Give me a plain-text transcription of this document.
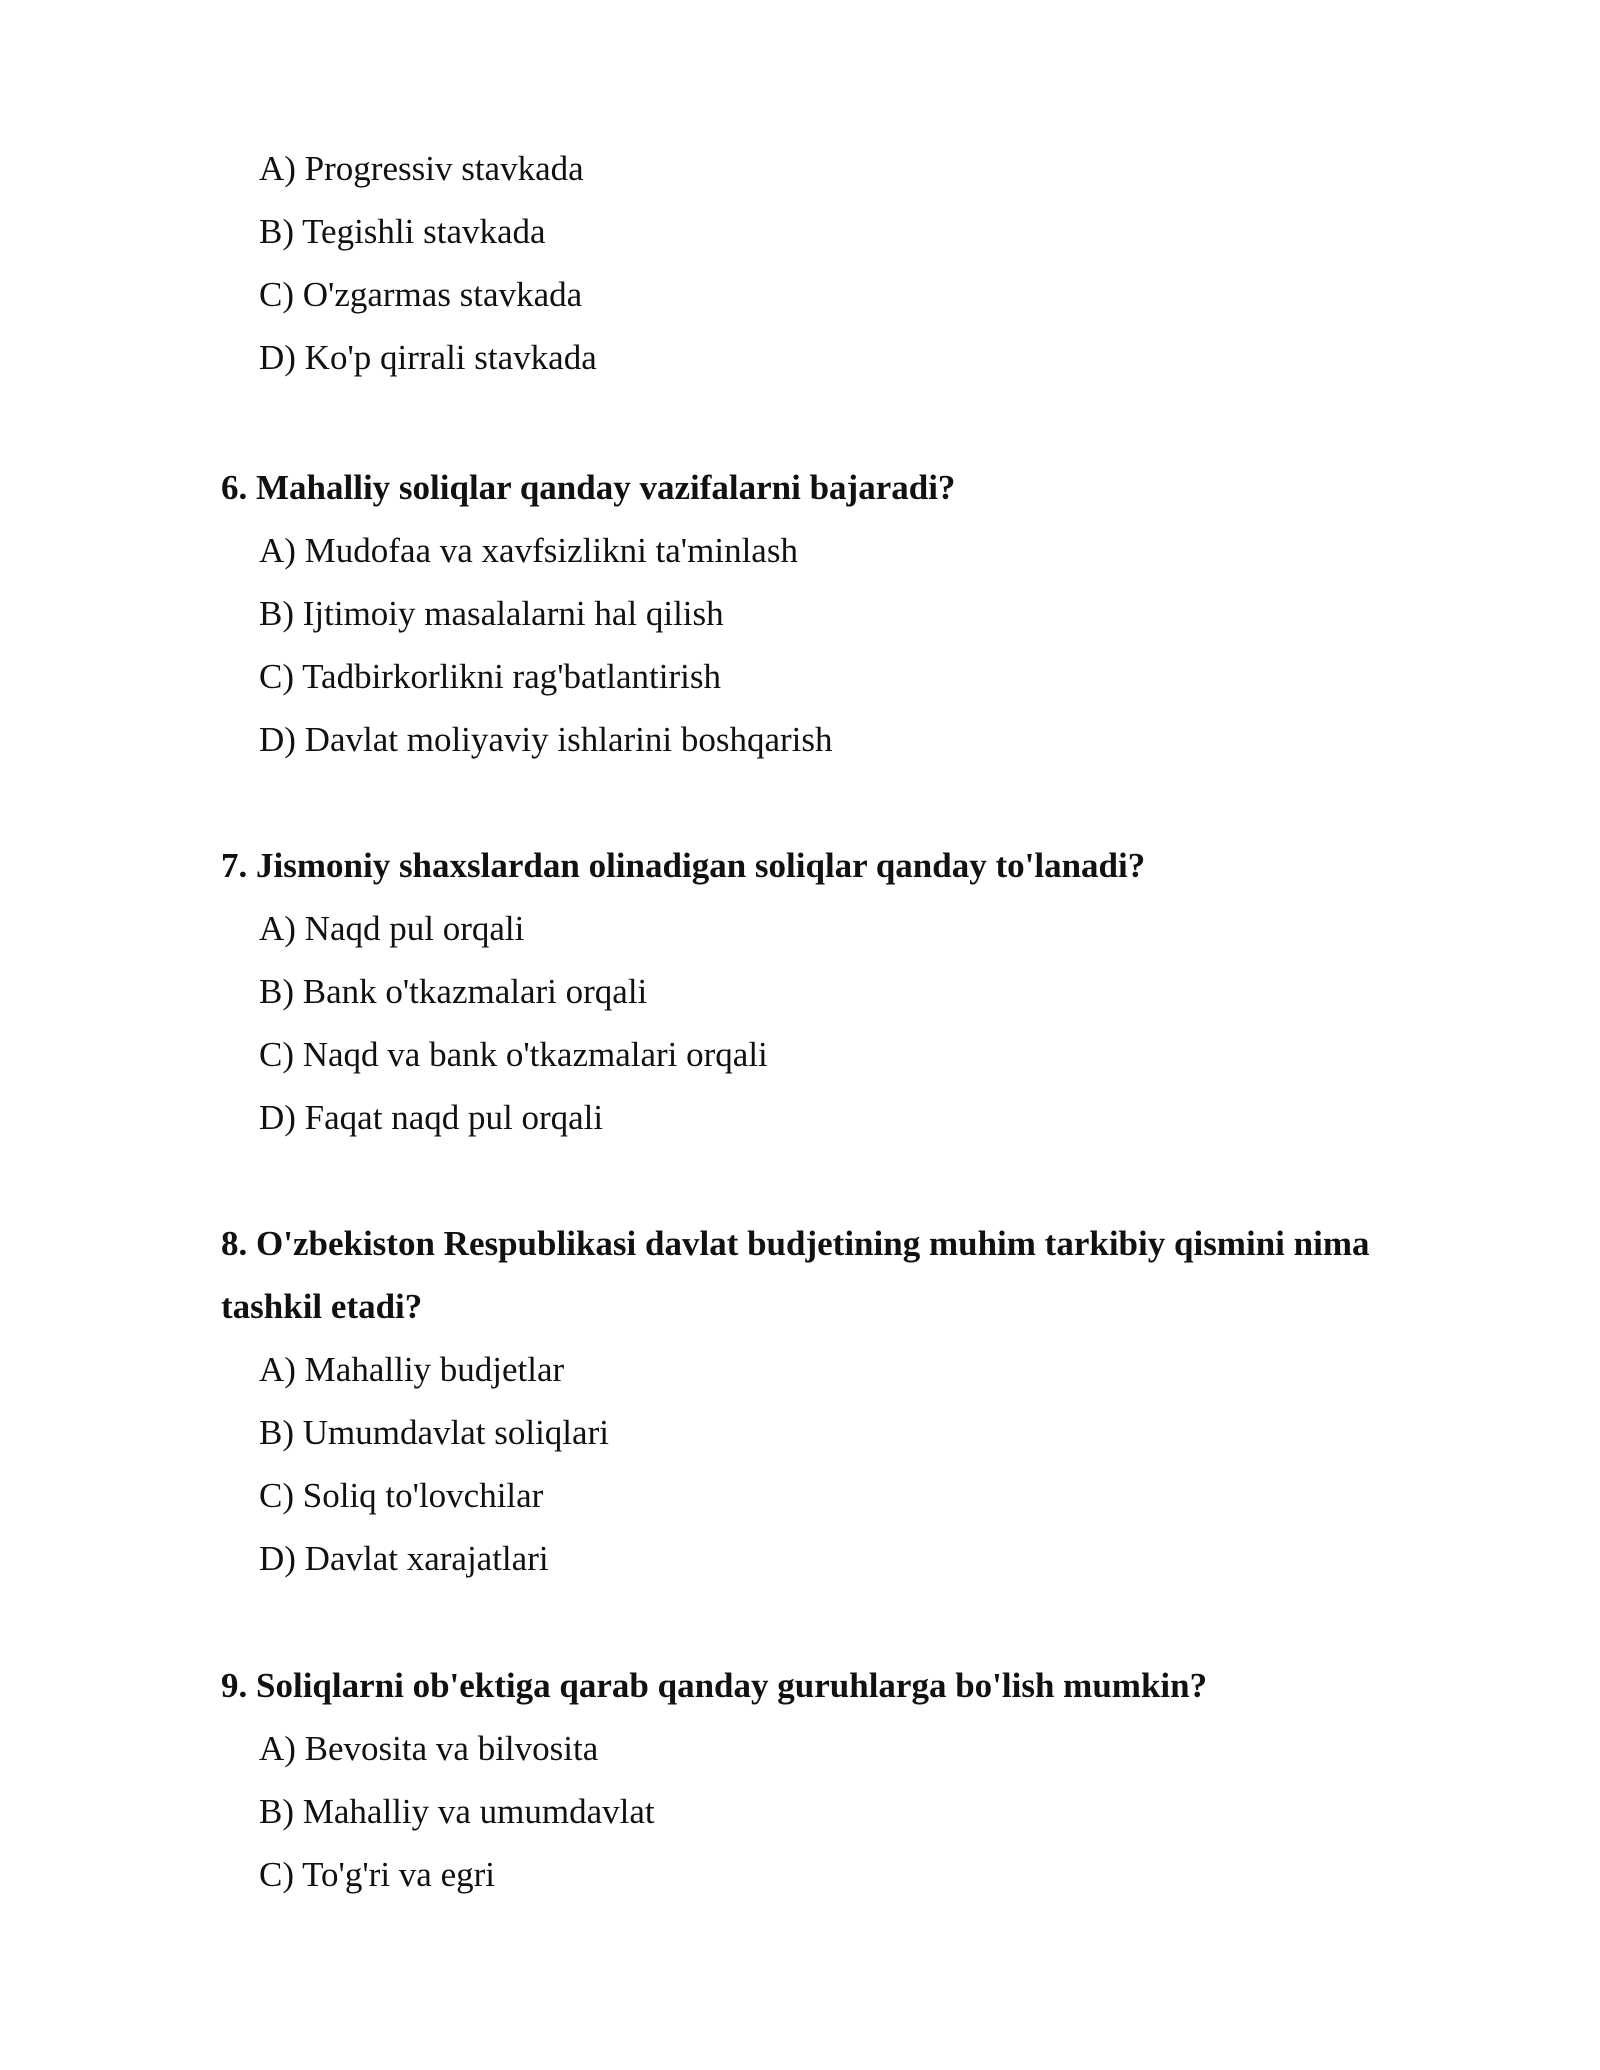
A) Progressiv stavkada
B) Tegishli stavkada
C) O'zgarmas stavkada
D) Ko'p qirrali stavkada
6. Mahalliy soliqlar qanday vazifalarni bajaradi?
A) Mudofaa va xavfsizlikni ta'minlash
B) Ijtimoiy masalalarni hal qilish
C) Tadbirkorlikni rag'batlantirish
D) Davlat moliyaviy ishlarini boshqarish
7. Jismoniy shaxslardan olinadigan soliqlar qanday to'lanadi?
A) Naqd pul orqali
B) Bank o'tkazmalari orqali
C) Naqd va bank o'tkazmalari orqali
D) Faqat naqd pul orqali
8. O'zbekiston Respublikasi davlat budjetining muhim tarkibiy qismini nima tashkil etadi?
A) Mahalliy budjetlar
B) Umumdavlat soliqlari
C) Soliq to'lovchilar
D) Davlat xarajatlari
9. Soliqlarni ob'ektiga qarab qanday guruhlarga bo'lish mumkin?
A) Bevosita va bilvosita
B) Mahalliy va umumdavlat
C) To'g'ri va egri
